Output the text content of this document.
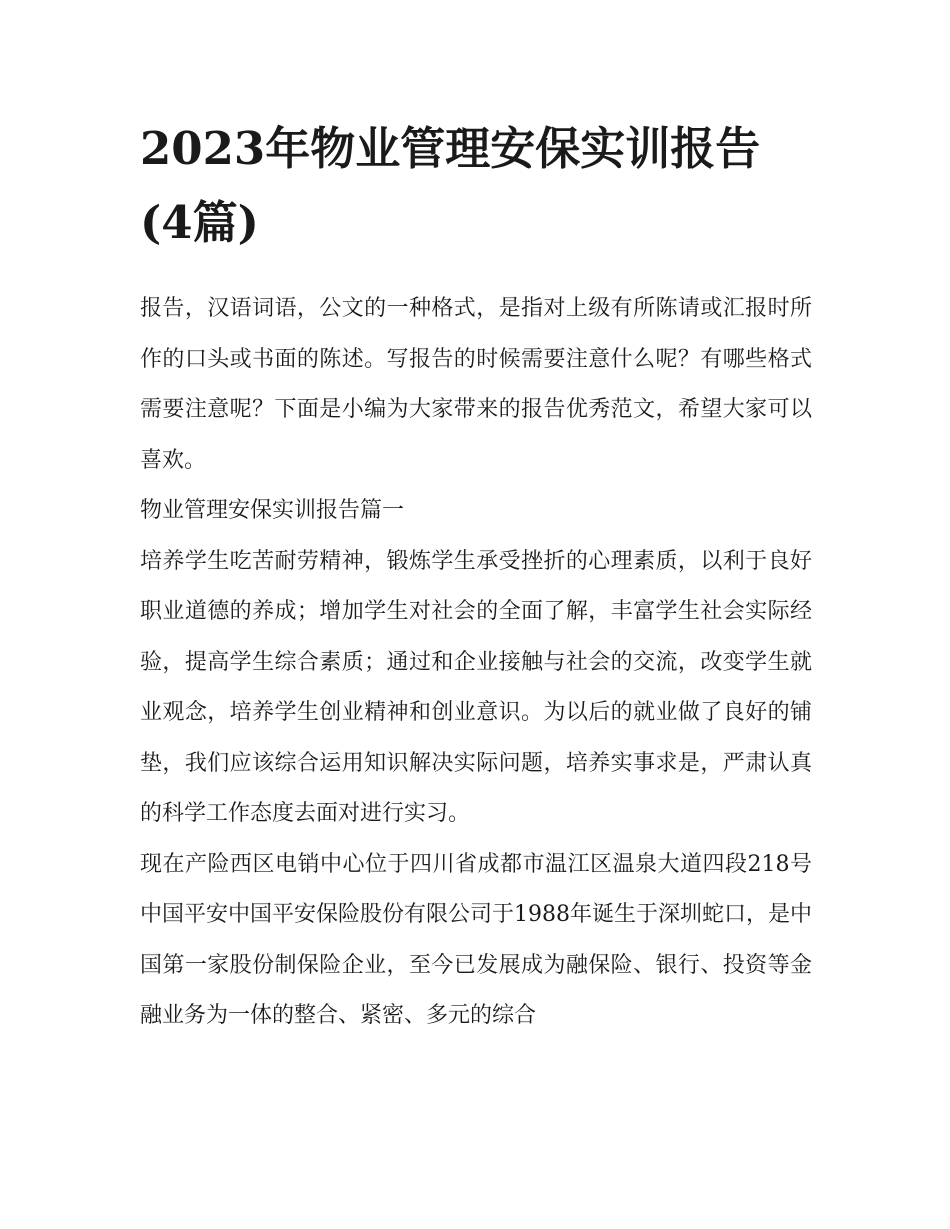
2023年物业管理安保实训报告(4篇)

报告，汉语词语，公文的一种格式，是指对上级有所陈请或汇报时所作的口头或书面的陈述。写报告的时候需要注意什么呢？有哪些格式需要注意呢？下面是小编为大家带来的报告优秀范文，希望大家可以喜欢。

物业管理安保实训报告篇一

培养学生吃苦耐劳精神，锻炼学生承受挫折的心理素质，以利于良好职业道德的养成；增加学生对社会的全面了解，丰富学生社会实际经验，提高学生综合素质；通过和企业接触与社会的交流，改变学生就业观念，培养学生创业精神和创业意识。为以后的就业做了良好的铺垫，我们应该综合运用知识解决实际问题，培养实事求是，严肃认真的科学工作态度去面对进行实习。

现在产险西区电销中心位于四川省成都市温江区温泉大道四段218号中国平安中国平安保险股份有限公司于1988年诞生于深圳蛇口，是中国第一家股份制保险企业，至今已发展成为融保险、银行、投资等金融业务为一体的整合、紧密、多元的综合
